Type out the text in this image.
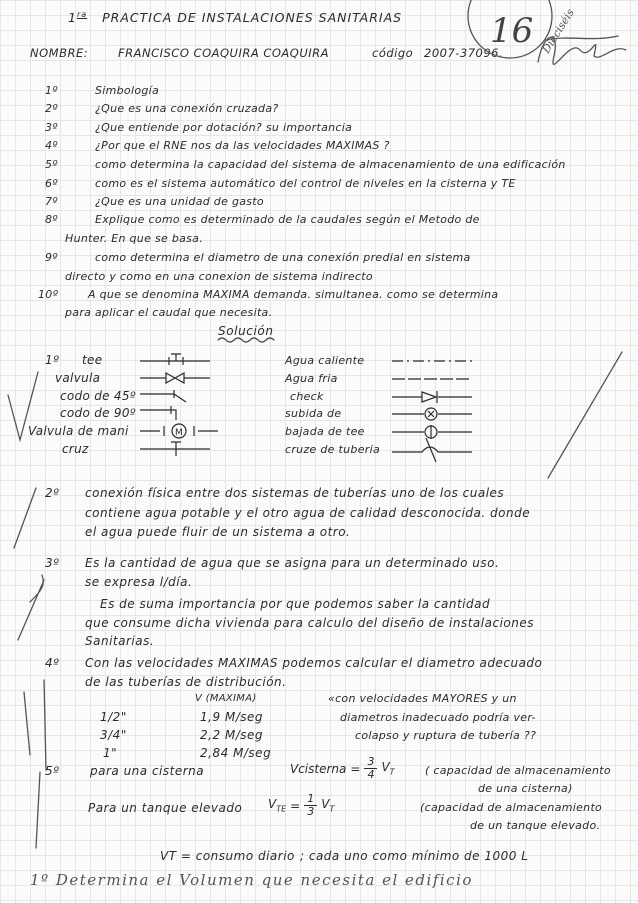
$1^{ra}$ PRACTICA DE INSTALACIONES SANITARIAS
NOMBRE:	FRANCISCO COAQUIRA COAQUIRA	código 2007-37096.
1º	Simbología
2º	¿Que es una conexión cruzada?
3º	¿Que entiende por dotación? su importancia
4º	¿Por que el RNE nos da las velocidades MAXIMAS ?
5º	como determina la capacidad del sistema de almacenamiento de una edificación
6º	como es el sistema automático del control de niveles en la cisterna y TE
7º	¿Que es una unidad de gasto
8º	Explique como es determinado de la caudales según el Metodo de
Hunter. En que se basa.
9º	como determina el diametro de una conexión predial en sistema
directo y como en una conexion de sistema indirecto
10º	A que se denomina MAXIMA demanda. simultanea. como se determina
para aplicar el caudal que necesita.
Solución
1º tee
valvula
codo de 45º
codo de 90º
Valvula de mani
cruz
M
Agua caliente
Agua fria
check
subida de
bajada de tee
cruze de tuberia
2º conexión física entre dos sistemas de tuberías uno de los cuales
contiene agua potable y el otro agua de calidad desconocida. donde
el agua puede fluir de un sistema a otro.
3º Es la cantidad de agua que se asigna para un determinado uso.
se expresa l/día.
Es de suma importancia por que podemos saber la cantidad
que consume dicha vivienda para calculo del diseño de instalaciones
Sanitarias.
4º Con las velocidades MAXIMAS podemos calcular el diametro adecuado
de las tuberías de distribución.
V (MAXIMA)
1/2"	1,9 M/seg
3/4"	2,2 M/seg
1"	2,84 M/seg
«con velocidades MAYORES y un
diametros inadecuado podría ver-
colapso y ruptura de tubería ??
5º	para una cisterna	Vcisterna = $\frac{3}{4} V_T$	( capacidad de almacenamiento
de una cisterna)
Para un tanque elevado $V_{TE} = \frac{1}{3} V_T$	(capacidad de almacenamiento
de un tanque elevado.
VT = consumo diario ; cada uno como mínimo de 1000 L
1º Determina el Volumen que necesita el edificio
16 Dieciséis
